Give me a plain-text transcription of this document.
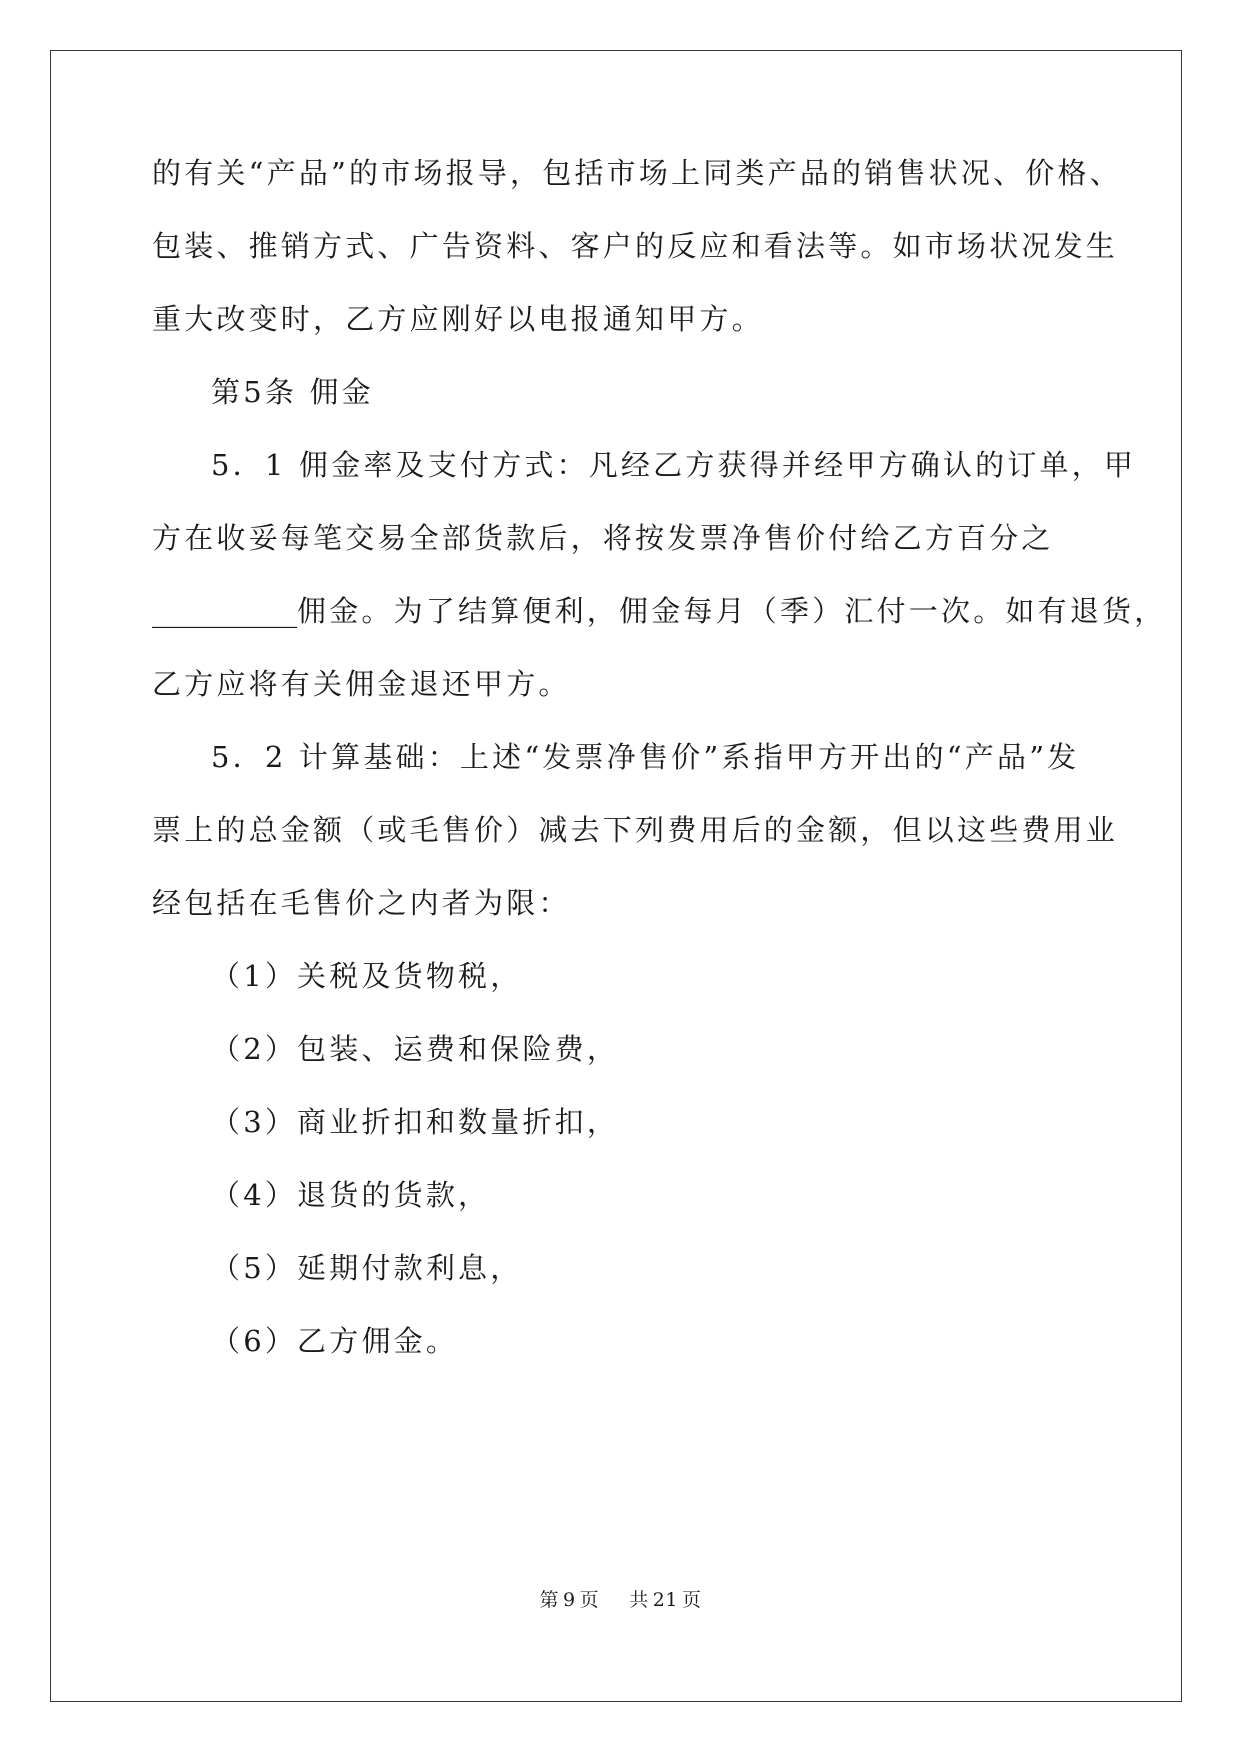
的有关“产品”的市场报导，包括市场上同类产品的销售状况、价格、
包装、推销方式、广告资料、客户的反应和看法等。如市场状况发生
重大改变时，乙方应刚好以电报通知甲方。
第5条 佣金
5．1 佣金率及支付方式：凡经乙方获得并经甲方确认的订单，甲
方在收妥每笔交易全部货款后，将按发票净售价付给乙方百分之
__________佣金。为了结算便利，佣金每月（季）汇付一次。如有退货，
乙方应将有关佣金退还甲方。
5．2 计算基础：上述“发票净售价”系指甲方开出的“产品”发
票上的总金额（或毛售价）减去下列费用后的金额，但以这些费用业
经包括在毛售价之内者为限：
（1）关税及货物税，
（2）包装、运费和保险费，
（3）商业折扣和数量折扣，
（4）退货的货款，
（5）延期付款利息，
（6）乙方佣金。
第 9 页 共 21 页
